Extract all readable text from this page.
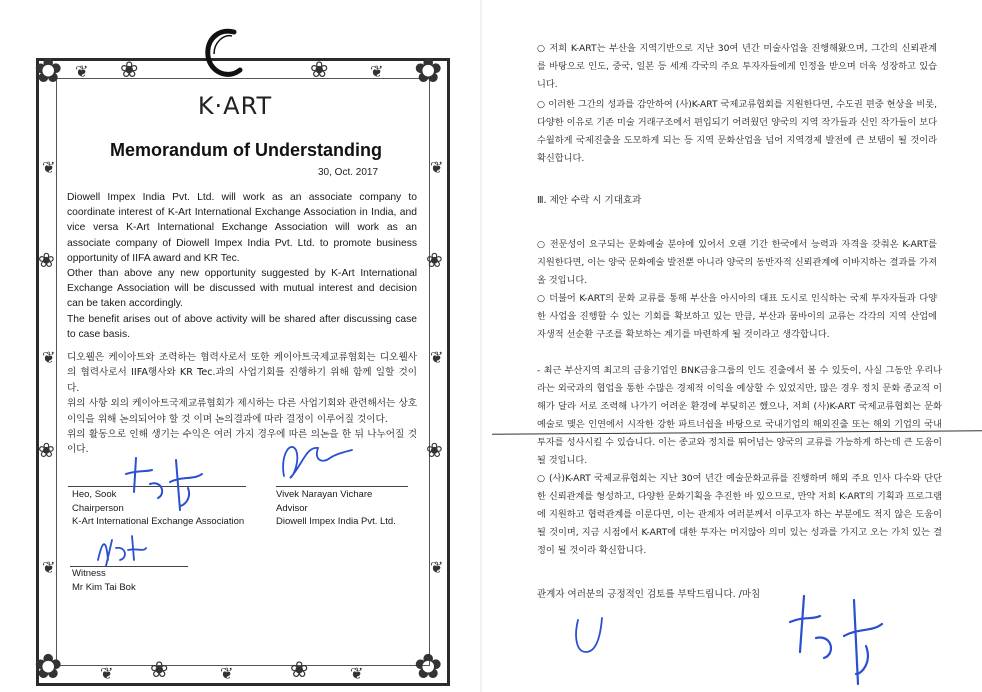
✿	✿
✿	✿
❀	❀
❀	❀
❀	❀
❀	❀
❦	❦
❦	❦
❦	❦
❦	❦
❦	❦	❦
K·ART
Memorandum of Understanding
30, Oct. 2017

Diowell Impex India Pvt. Ltd. will work as an associate company to coordinate interest of K-Art International Exchange Association in India, and vice versa K-Art International Exchange Association will work as an associate company of Diowell Impex India Pvt. Ltd. to promote business opportunity of IIFA award and KR Tec.

Other than above any new opportunity suggested by K-Art International Exchange Association will be discussed with mutual interest and decision can be taken accordingly.

The benefit arises out of above activity will be shared after discussing case to case basis.

디오웰은 케이아트와 조력하는 협력사로서 또한 케이아트국제교류협회는 디오웰사의 협력사로서 IIFA행사와 KR Tec.과의 사업기회를 진행하기 위해 함께 일할 것이다.

위의 사항 외의 케이아트국제교류협회가 제시하는 다른 사업기회와 관련해서는 상호이익을 위해 논의되어야 할 것 이며 논의결과에 따라 결정이 이루어질 것이다.

위의 활동으로 인해 생기는 수익은 여러 가지 경우에 따른 의논을 한 뒤 나누어질 것이다.

Heo, Sook
Chairperson
K-Art International Exchange Association
Vivek Narayan Vichare
Advisor
Diowell Impex India Pvt. Ltd.
Witness
Mr Kim Tai Bok

○ 저희 K-ART는 부산을 지역기반으로 지난 30여 년간 미술사업을 진행해왔으며, 그간의 신뢰관계를 바탕으로 인도, 중국, 일본 등 세계 각국의 주요 투자자들에게 인정을 받으며 더욱 성장하고 있습니다.

○ 이러한 그간의 성과를 감안하여 (사)K-ART 국제교류협회를 지원한다면, 수도권 편중 현상을 비롯, 다양한 이유로 기존 미술 거래구조에서 편입되기 어려웠던 양국의 지역 작가들과 신인 작가들이 보다 수월하게 국제진출을 도모하게 되는 등 지역 문화산업을 넘어 지역경제 발전에 큰 보탬이 될 것이라 확신합니다.

Ⅲ. 제안 수락 시 기대효과

○ 전문성이 요구되는 문화예술 분야에 있어서 오랜 기간 한국에서 능력과 자격을 갖춰온 K-ART를 지원한다면, 이는 양국 문화예술 발전뿐 아니라 양국의 동반자적 신뢰관계에 이바지하는 결과를 가져올 것입니다.

○ 더불어 K-ART의 문화 교류를 통해 부산을 아시아의 대표 도시로 인식하는 국제 투자자들과 다양한 사업을 진행할 수 있는 기회를 확보하고 있는 만큼, 부산과 뭄바이의 교류는 각각의 지역 산업에 자생적 선순환 구조를 확보하는 계기를 마련하게 될 것이라고 생각합니다.

- 최근 부산지역 최고의 금융기업인 BNK금융그룹의 인도 진출에서 볼 수 있듯이, 사실 그동안 우리나라는 외국과의 협업을 통한 수많은 경제적 이익을 예상할 수 있었지만, 많은 경우 정치 문화 종교적 이해가 달라 서로 조력해 나가기 어려운 환경에 부딪히곤 했으나, 저희 (사)K-ART 국제교류협회는 문화예술로 맺은 인연에서 시작한 강한 파트너쉽을 바탕으로 국내기업의 해외진출 또는 해외 기업의 국내 투자를 성사시킬 수 있습니다. 이는 종교와 정치를 뛰어넘는 양국의 교류를 가능하게 하는데 큰 도움이 될 것입니다.

○ (사)K-ART 국제교류협회는 지난 30여 년간 예술문화교류를 진행하며 해외 주요 인사 다수와 단단한 신뢰관계를 형성하고, 다양한 문화기획을 추진한 바 있으므로, 만약 저희 K-ART의 기획과 프로그램에 지원하고 협력관계를 이룬다면, 이는 관계자 여러분께서 이루고자 하는 부분에도 적지 않은 도움이 될 것이며, 지금 시점에서 K-ART에 대한 투자는 머지않아 의미 있는 성과를 가지고 오는 가치 있는 결정이 될 것이라 확신합니다.

관계자 여러분의 긍정적인 검토를 부탁드립니다. /마침
